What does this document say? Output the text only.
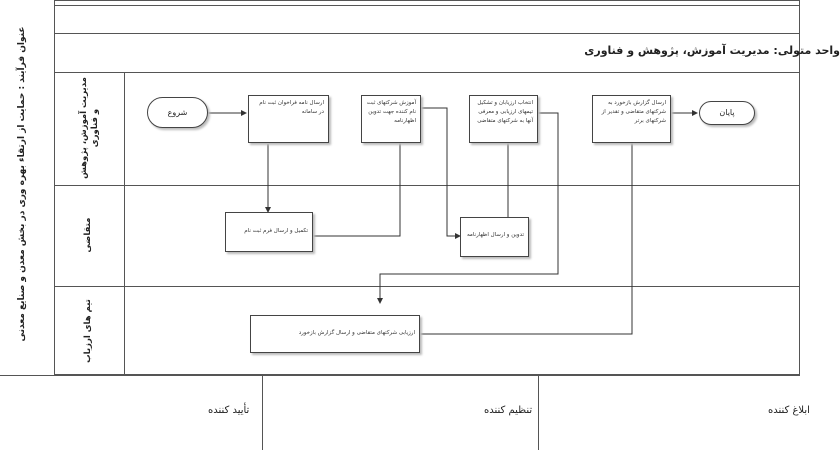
عنوان فرآیند : حمایت از ارتقاء بهره وری در بخش معدن و صنایع معدنی	واحد متولی: مدیریت آموزش، پژوهش و فناوری
مدیریت آموزش، پژوهش و فناوری
متقاضی
تیم های ارزیاب
شروع	پایان
ارسال نامه فراخوان ثبت نام در سامانه
تکمیل و ارسال فرم ثبت نام
آموزش شرکتهای ثبت نام کننده جهت تدوین اظهارنامه
تدوین و ارسال اظهارنامه
انتخاب ارزیابان و تشکیل تیمهای ارزیابی و معرفی آنها به شرکتهای متقاضی
ارزیابی شرکتهای متقاضی و ارسال گزارش بازخورد
ارسال گزارش بازخورد به شرکتهای متقاضی و تقدیر از شرکتهای برتر
تأیید کننده	تنظیم کننده	ابلاغ کننده
